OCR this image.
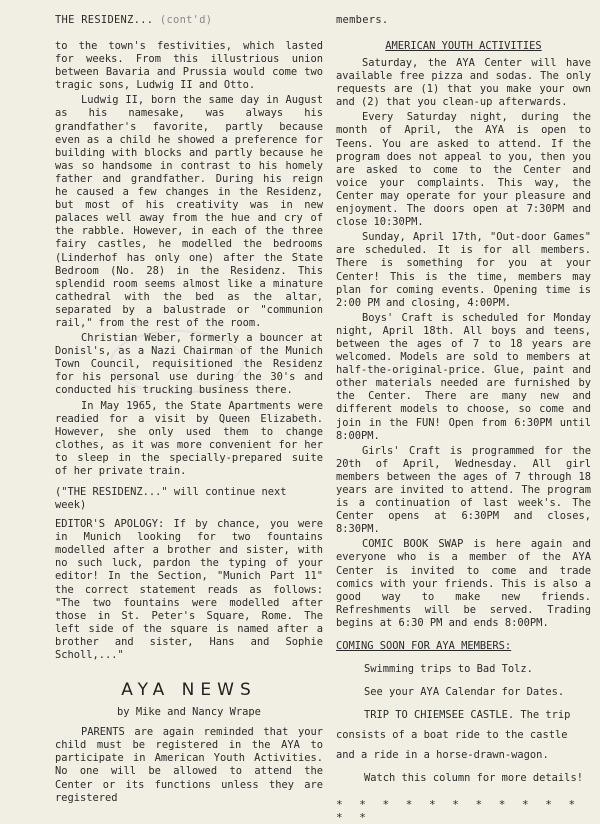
THE RESIDENZ... (cont'd)

to the town's festivities, which lasted for weeks. From this illustrious union between Bavaria and Prussia would come two tragic sons, Ludwig II and Otto.

Ludwig II, born the same day in August as his namesake, was always his grandfather's favorite, partly because even as a child he showed a preference for building with blocks and partly because he was so handsome in contrast to his homely father and grandfather. During his reign he caused a few changes in the Residenz, but most of his creativity was in new palaces well away from the hue and cry of the rabble. However, in each of the three fairy castles, he modelled the bedrooms (Linderhof has only one) after the State Bedroom (No. 28) in the Residenz. This splendid room seems almost like a minature cathedral with the bed as the altar, separated by a balustrade or "communion rail," from the rest of the room.

Christian Weber, formerly a bouncer at Donisl's, as a Nazi Chairman of the Munich Town Council, requisitioned the Residenz for his personal use during the 30's and conducted his trucking business there.

In May 1965, the State Apartments were readied for a visit by Queen Elizabeth. However, she only used them to change clothes, as it was more convenient for her to sleep in the specially-prepared suite of her private train.

("THE RESIDENZ..." will continue next week)

EDITOR'S APOLOGY: If by chance, you were in Munich looking for two fountains modelled after a brother and sister, with no such luck, pardon the typing of your editor! In the Section, "Munich Part 11" the correct statement reads as follows: "The two fountains were modelled after those in St. Peter's Square, Rome. The left side of the square is named after a brother and sister, Hans and Sophie Scholl,..."

AYA NEWS
by Mike and Nancy Wrape

PARENTS are again reminded that your child must be registered in the AYA to participate in American Youth Activities. No one will be allowed to attend the Center or its functions unless they are registered

members.
AMERICAN YOUTH ACTIVITIES

Saturday, the AYA Center will have available free pizza and sodas. The only requests are (1) that you make your own and (2) that you clean-up afterwards.

Every Saturday night, during the month of April, the AYA is open to Teens. You are asked to attend. If the program does not appeal to you, then you are asked to come to the Center and voice your complaints. This way, the Center may operate for your pleasure and enjoyment. The doors open at 7:30PM and close 10:30PM.

Sunday, April 17th, "Out-door Games" are scheduled. It is for all members. There is something for you at your Center! This is the time, members may plan for coming events. Opening time is 2:00 PM and closing, 4:00PM.

Boys' Craft is scheduled for Monday night, April 18th. All boys and teens, between the ages of 7 to 18 years are welcomed. Models are sold to members at half-the-original-price. Glue, paint and other materials needed are furnished by the Center. There are many new and different models to choose, so come and join in the FUN! Open from 6:30PM until 8:00PM.

Girls' Craft is programmed for the 20th of April, Wednesday. All girl members between the ages of 7 through 18 years are invited to attend. The program is a continuation of last week's. The Center opens at 6:30PM and closes, 8:30PM.

COMIC BOOK SWAP is here again and everyone who is a member of the AYA Center is invited to come and trade comics with your friends. This is also a good way to make new friends. Refreshments will be served. Trading begins at 6:30 PM and ends 8:00PM.

COMING SOON FOR AYA MEMBERS:
Swimming trips to Bad Tolz.
See your AYA Calendar for Dates.
TRIP TO CHIEMSEE CASTLE. The trip consists of a boat ride to the castle and a ride in a horse-drawn-wagon.
Watch this column for more details!
* * * * * * * * * * * * *
